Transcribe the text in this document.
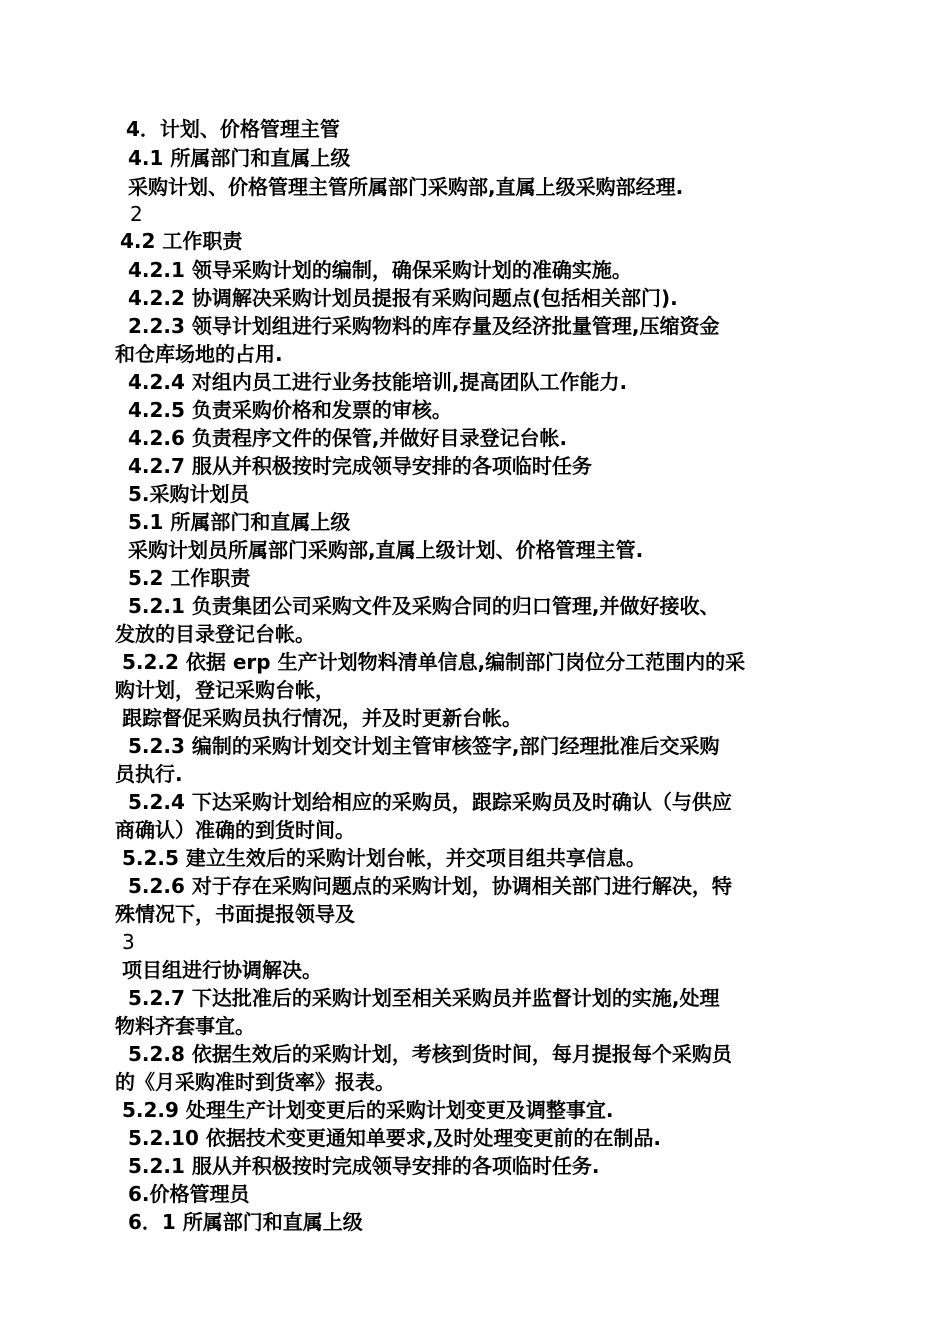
4．计划、价格管理主管
4.1 所属部门和直属上级
采购计划、价格管理主管所属部门采购部,直属上级采购部经理.
2
4.2 工作职责
4.2.1 领导采购计划的编制，确保采购计划的准确实施。
4.2.2 协调解决采购计划员提报有采购问题点(包括相关部门).
2.2.3 领导计划组进行采购物料的库存量及经济批量管理,压缩资金
和仓库场地的占用.
4.2.4 对组内员工进行业务技能培训,提高团队工作能力.
4.2.5 负责采购价格和发票的审核。
4.2.6 负责程序文件的保管,并做好目录登记台帐.
4.2.7 服从并积极按时完成领导安排的各项临时任务
5.采购计划员
5.1 所属部门和直属上级
采购计划员所属部门采购部,直属上级计划、价格管理主管.
5.2 工作职责
5.2.1 负责集团公司采购文件及采购合同的归口管理,并做好接收、
发放的目录登记台帐。
5.2.2 依据 erp 生产计划物料清单信息,编制部门岗位分工范围内的采
购计划，登记采购台帐，
跟踪督促采购员执行情况，并及时更新台帐。
5.2.3 编制的采购计划交计划主管审核签字,部门经理批准后交采购
员执行.
5.2.4 下达采购计划给相应的采购员，跟踪采购员及时确认（与供应
商确认）准确的到货时间。
5.2.5 建立生效后的采购计划台帐，并交项目组共享信息。
5.2.6 对于存在采购问题点的采购计划，协调相关部门进行解决，特
殊情况下，书面提报领导及
3
项目组进行协调解决。
5.2.7 下达批准后的采购计划至相关采购员并监督计划的实施,处理
物料齐套事宜。
5.2.8 依据生效后的采购计划，考核到货时间，每月提报每个采购员
的《月采购准时到货率》报表。
5.2.9 处理生产计划变更后的采购计划变更及调整事宜.
5.2.10 依据技术变更通知单要求,及时处理变更前的在制品.
5.2.1 服从并积极按时完成领导安排的各项临时任务.
6.价格管理员
6．1 所属部门和直属上级
